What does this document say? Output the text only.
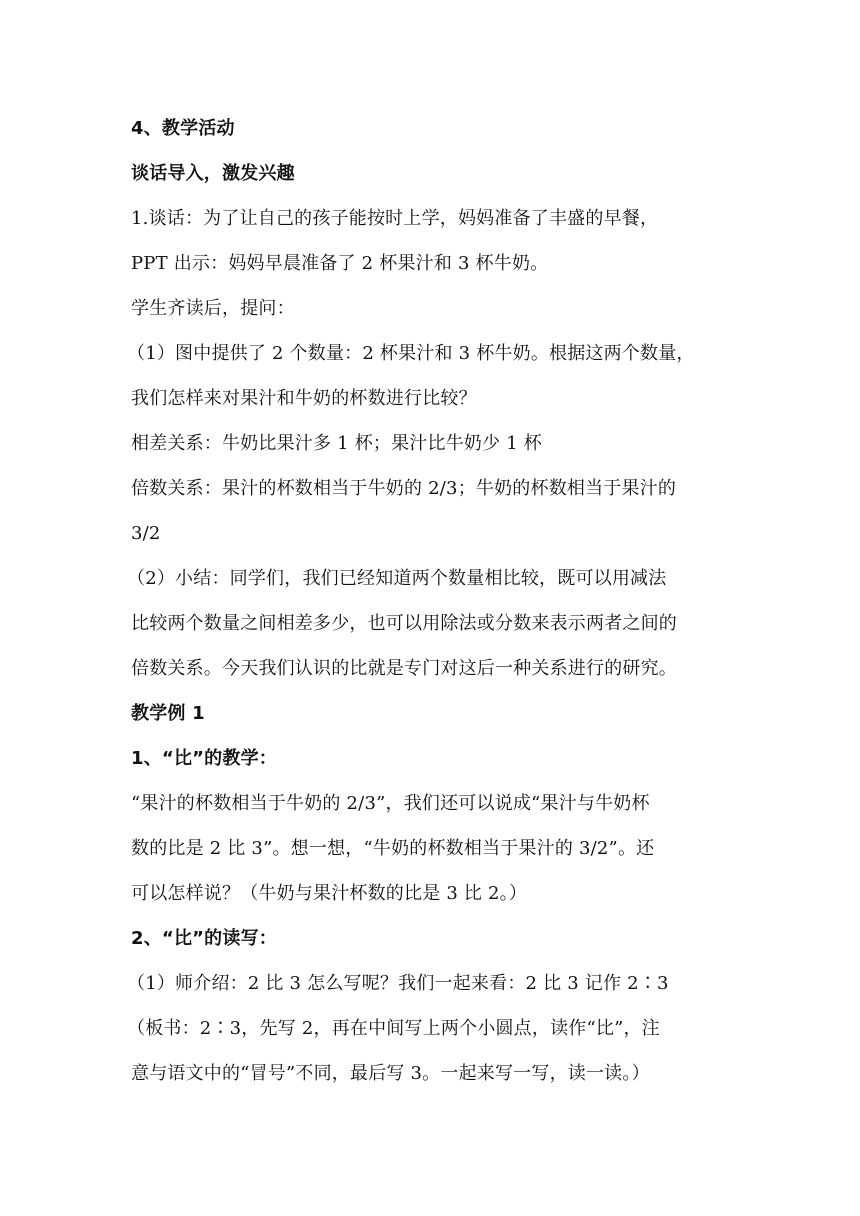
4、教学活动
谈话导入，激发兴趣
1.谈话：为了让自己的孩子能按时上学，妈妈准备了丰盛的早餐，
PPT 出示：妈妈早晨准备了 2 杯果汁和 3 杯牛奶。
学生齐读后，提问：
（1）图中提供了 2 个数量：2 杯果汁和 3 杯牛奶。根据这两个数量，
我们怎样来对果汁和牛奶的杯数进行比较？
相差关系：牛奶比果汁多 1 杯；果汁比牛奶少 1 杯
倍数关系：果汁的杯数相当于牛奶的 2/3；牛奶的杯数相当于果汁的
3/2
（2）小结：同学们，我们已经知道两个数量相比较，既可以用减法
比较两个数量之间相差多少，也可以用除法或分数来表示两者之间的
倍数关系。今天我们认识的比就是专门对这后一种关系进行的研究。
教学例 1
1、“比”的教学：
“果汁的杯数相当于牛奶的 2/3”，我们还可以说成“果汁与牛奶杯
数的比是 2 比 3”。想一想，“牛奶的杯数相当于果汁的 3/2”。还
可以怎样说？（牛奶与果汁杯数的比是 3 比 2。）
2、“比”的读写：
（1）师介绍：2 比 3 怎么写呢？我们一起来看：2 比 3 记作 2∶3
（板书：2∶3，先写 2，再在中间写上两个小圆点，读作“比”，注
意与语文中的“冒号”不同，最后写 3。一起来写一写，读一读。）
